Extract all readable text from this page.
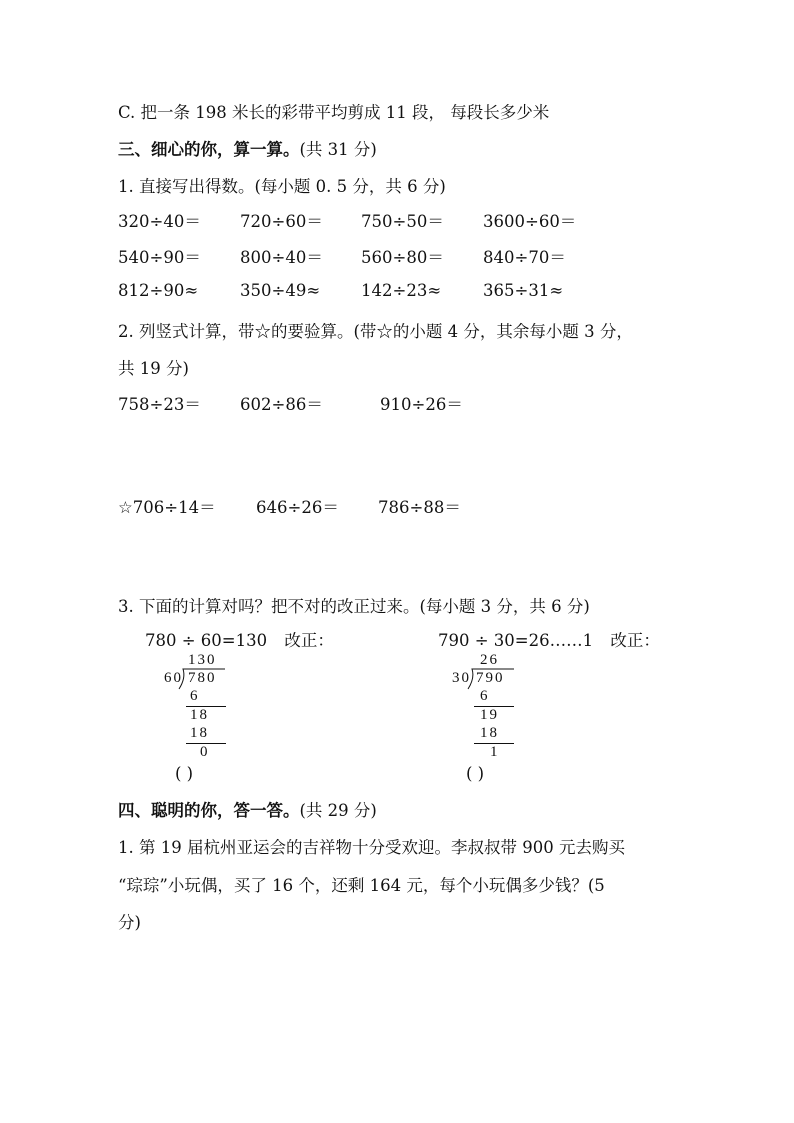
C. 把一条 198 米长的彩带平均剪成 11 段， 每段长多少米
三、细心的你，算一算。(共 31 分)
1. 直接写出得数。(每小题 0. 5 分，共 6 分)
320÷40＝ 720÷60＝ 750÷50＝ 3600÷60＝
540÷90＝ 800÷40＝ 560÷80＝ 840÷70＝
812÷90≈	350÷49≈ 142÷23≈	365÷31≈
2. 列竖式计算，带☆的要验算。(带☆的小题 4 分，其余每小题 3 分，
共 19 分)
758÷23＝ 602÷86＝	910÷26＝
☆706÷14＝ 646÷26＝ 786÷88＝
3. 下面的计算对吗？把不对的改正过来。(每小题 3 分，共 6 分)
780 ÷ 60=130 改正：
130
60 780
6
18
18
0
( )
790 ÷ 30=26……1 改正：
26
30 790
6
19
18
1
( )
四、聪明的你，答一答。(共 29 分)
1. 第 19 届杭州亚运会的吉祥物十分受欢迎。李叔叔带 900 元去购买
“琮琮”小玩偶，买了 16 个，还剩 164 元，每个小玩偶多少钱？(5
分)
